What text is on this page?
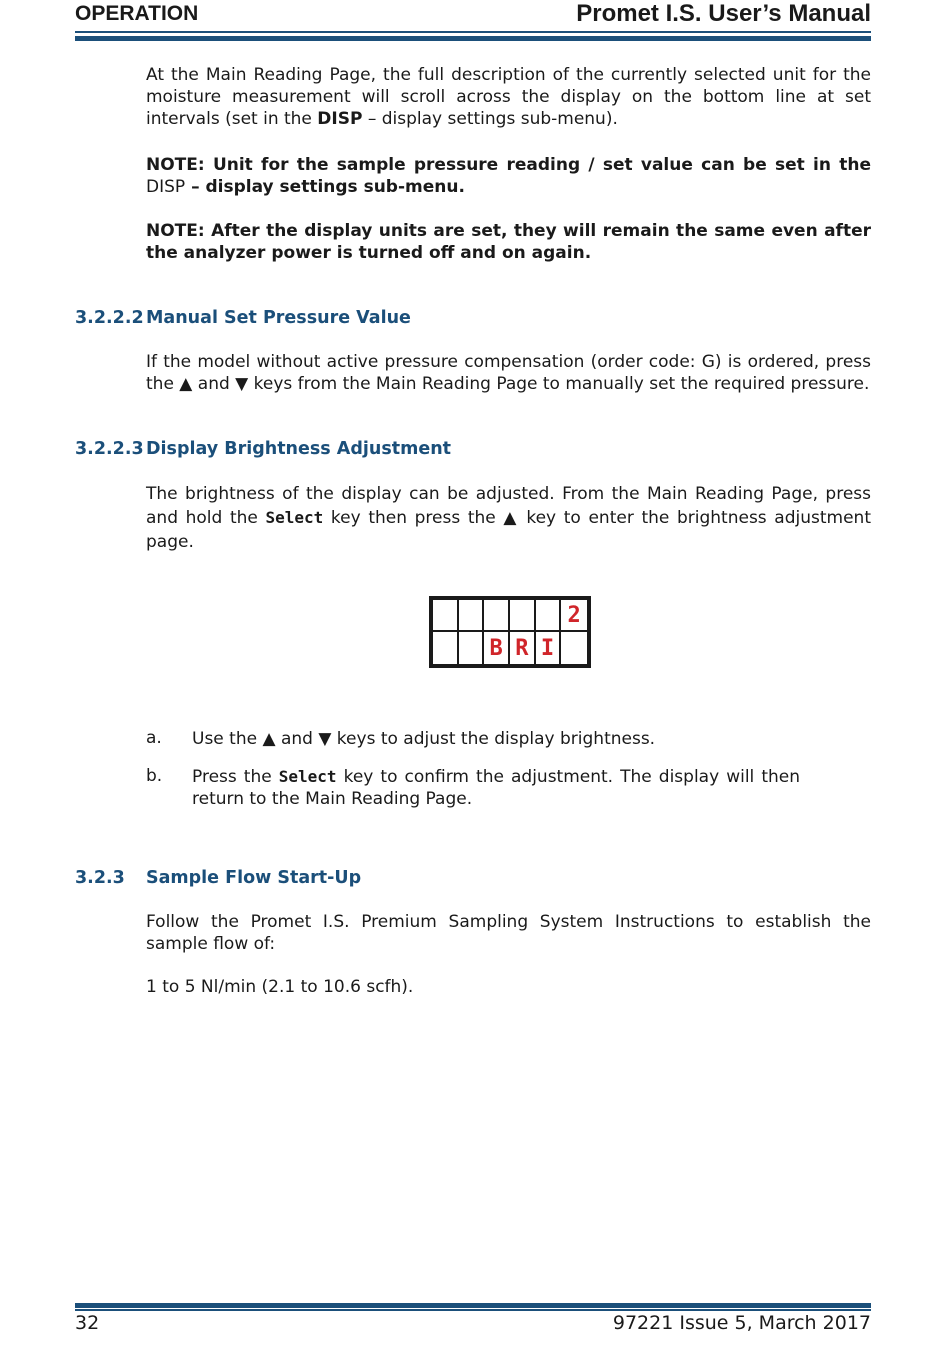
OPERATION	Promet I.S. User’s Manual
At the Main Reading Page, the full description of the currently selected unit for the moisture measurement will scroll across the display on the bottom line at set intervals (set in the DISP – display settings sub-menu).
NOTE: Unit for the sample pressure reading / set value can be set in the DISP – display settings sub-menu.
NOTE: After the display units are set, they will remain the same even after the analyzer power is turned off and on again.
3.2.2.2 Manual Set Pressure Value
If the model without active pressure compensation (order code: G) is ordered, press the ▲ and ▼ keys from the Main Reading Page to manually set the required pressure.
3.2.2.3 Display Brightness Adjustment
The brightness of the display can be adjusted. From the Main Reading Page, press and hold the Select key then press the ▲ key to enter the brightness adjustment page.
2
B R I
a. Use the ▲ and ▼ keys to adjust the display brightness.
b. Press the Select key to confirm the adjustment. The display will then return to the Main Reading Page.
3.2.3 Sample Flow Start-Up
Follow the Promet I.S. Premium Sampling System Instructions to establish the sample flow of:
1 to 5 Nl/min (2.1 to 10.6 scfh).
32	97221 Issue 5, March 2017
